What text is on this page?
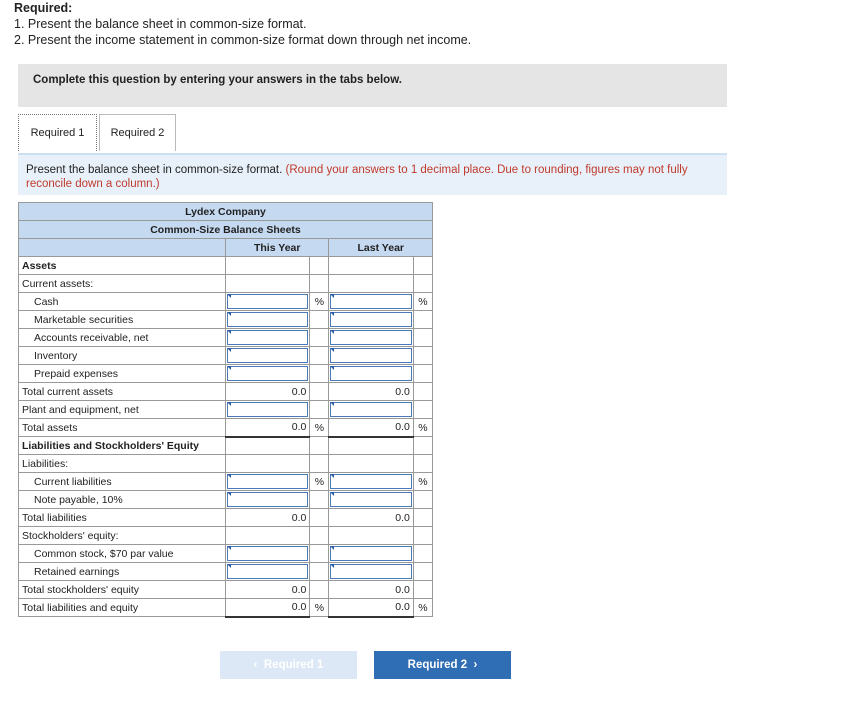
Required:
1. Present the balance sheet in common-size format.
2. Present the income statement in common-size format down through net income.
Complete this question by entering your answers in the tabs below.
Required 1	Required 2
Present the balance sheet in common-size format. (Round your answers to 1 decimal place. Due to rounding, figures may not fully reconcile down a column.)
Lydex Company				
Common-Size Balance Sheets				
	This Year		Last Year	
Assets				
Current assets:				
Cash		%		%
Marketable securities	

Accounts receivable, net	

Inventory	

Prepaid expenses	

Total current assets	0.0		0.0	
Plant and equipment, net	

Total assets	0.0	%	0.0	%
Liabilities and Stockholders' Equity				
Liabilities:				
Current liabilities		%		%
Note payable, 10%	

Total liabilities	0.0		0.0	
Stockholders' equity:				
Common stock, $70 par value	

Retained earnings	

Total stockholders' equity	0.0		0.0	
Total liabilities and equity	0.0	%	0.0	%
‹ Required 1	Required 2 ›
